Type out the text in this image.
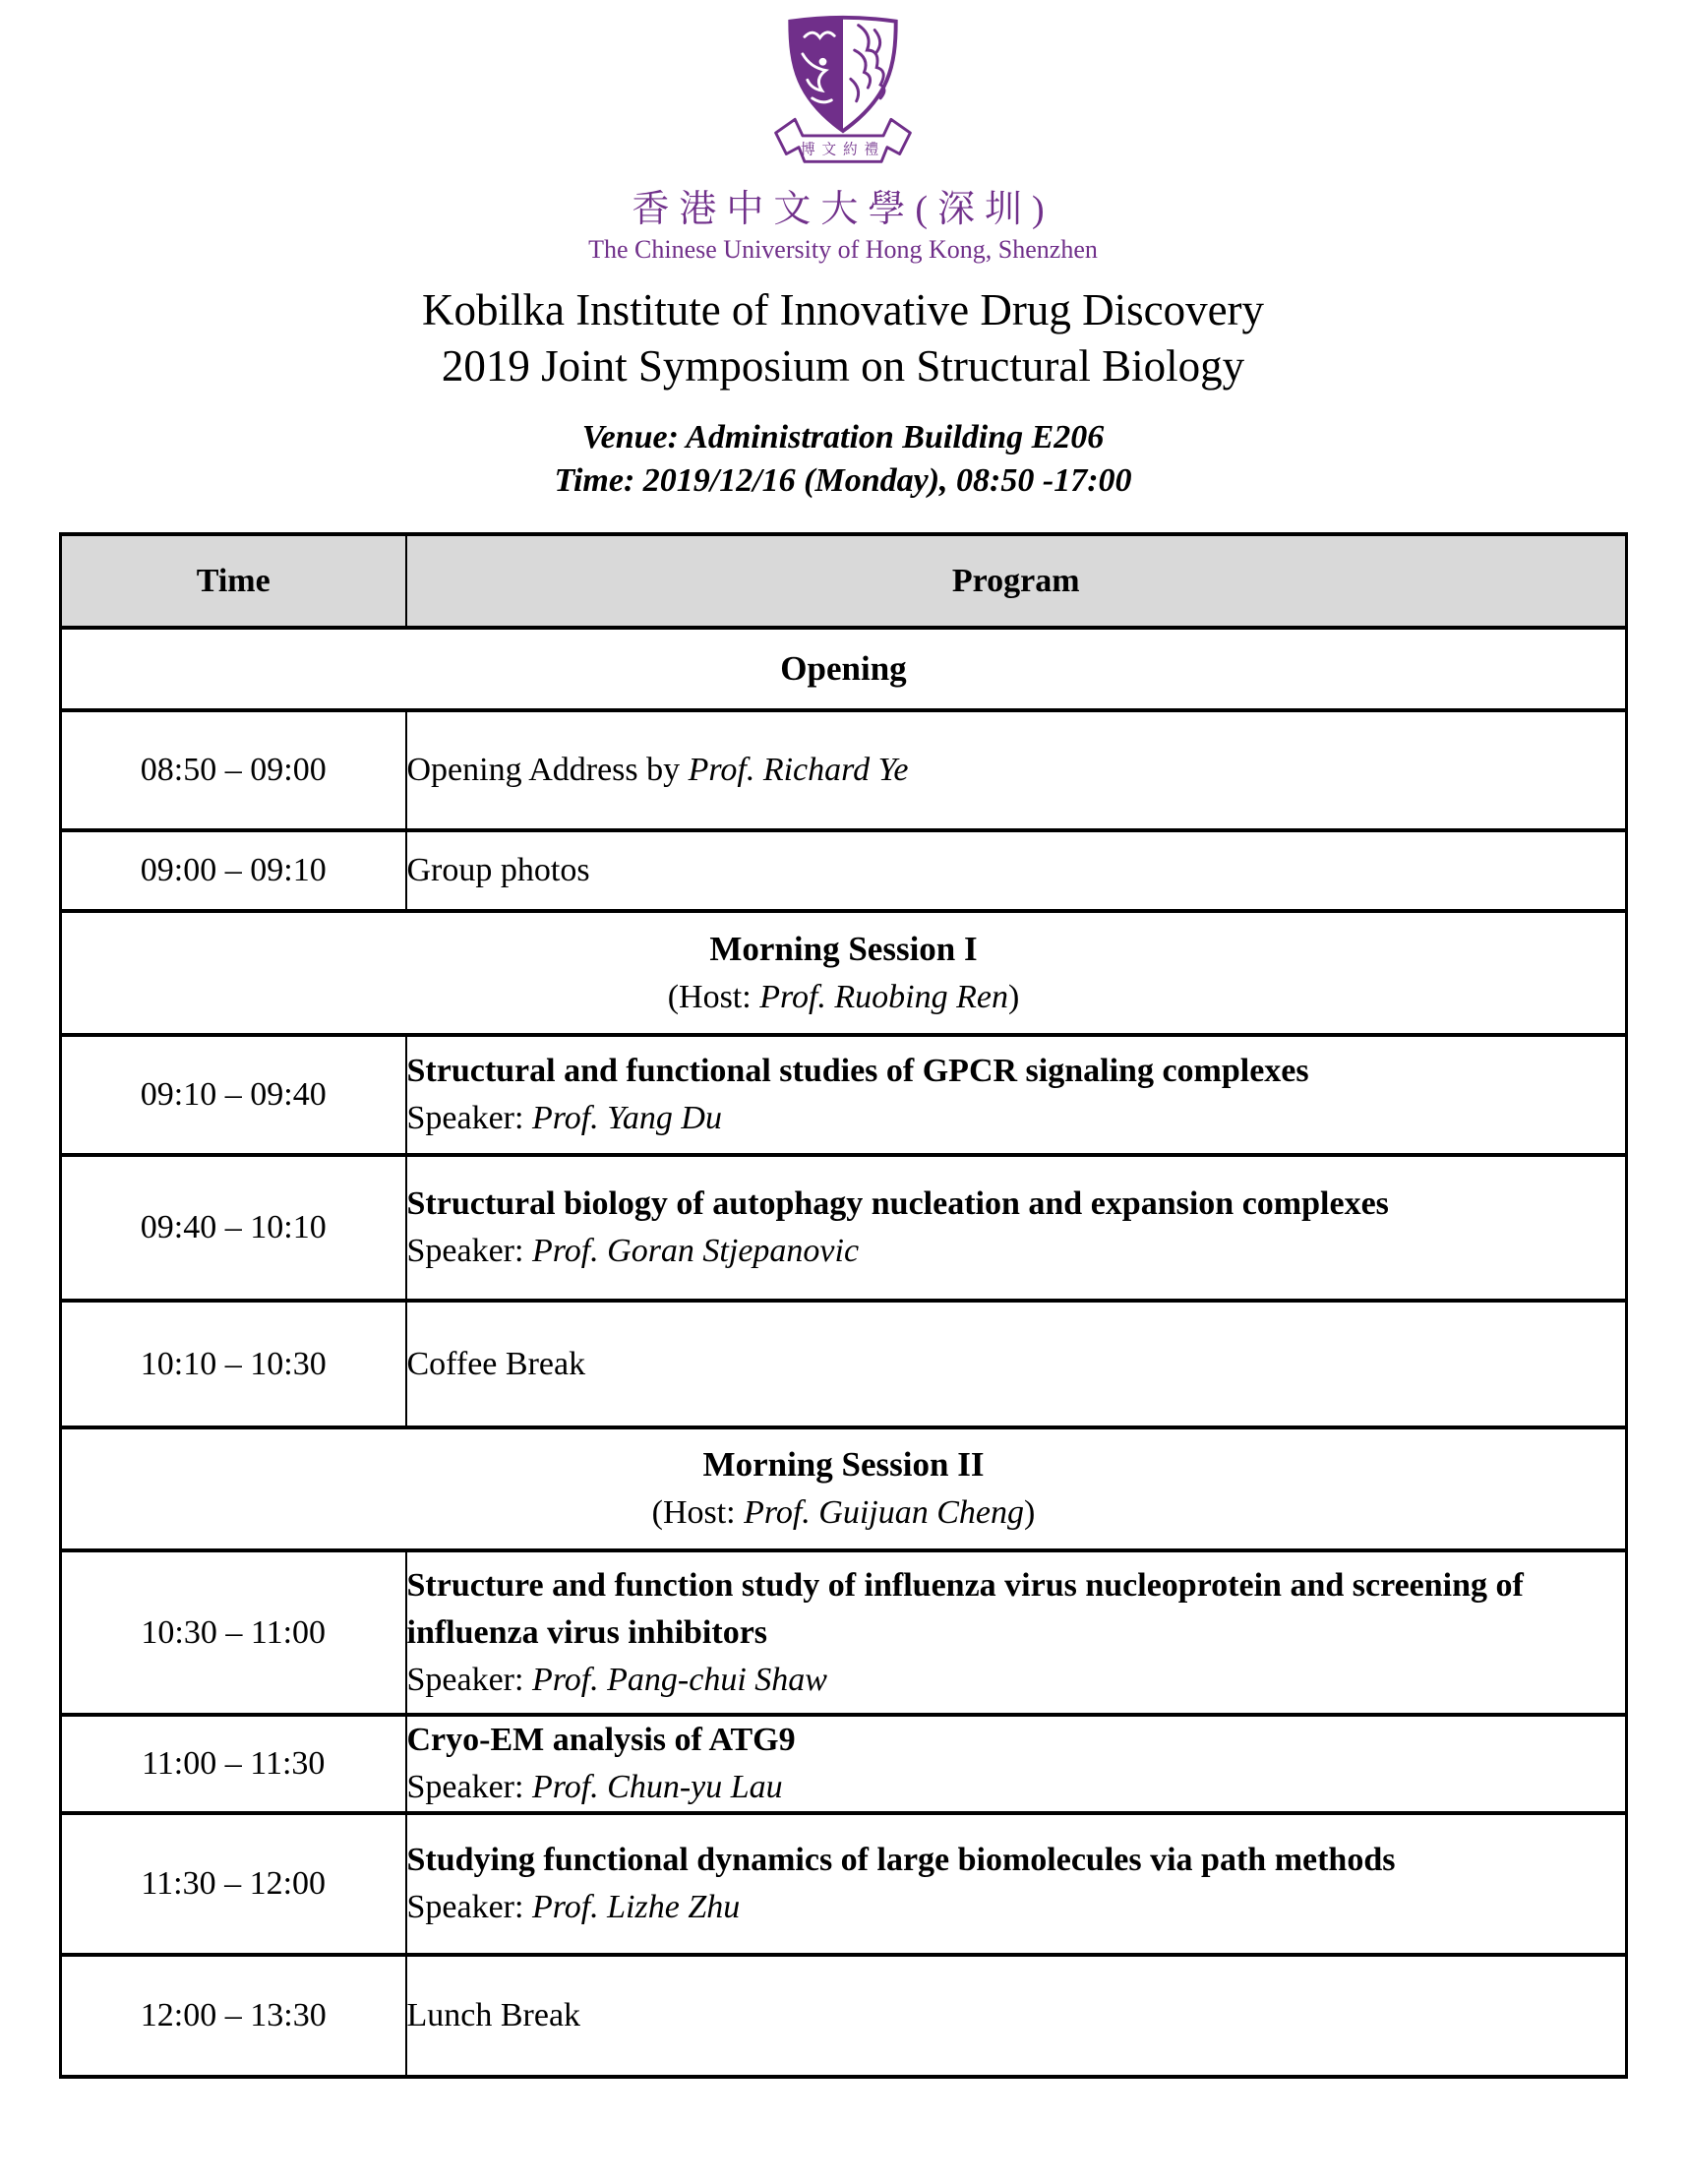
博文約禮
香港中文大學(深圳)
The Chinese University of Hong Kong, Shenzhen
Kobilka Institute of Innovative Drug Discovery
2019 Joint Symposium on Structural Biology
Venue: Administration Building E206
Time: 2019/12/16 (Monday), 08:50 -17:00
Time	Program
Opening	
08:50 – 09:00	Opening Address by Prof. Richard Ye
09:00 – 09:10	Group photos
Morning Session I
(Host: Prof. Ruobing Ren)	
09:10 – 09:40	Structural and functional studies of GPCR signaling complexes
Speaker: Prof. Yang Du

09:40 – 10:10	Structural biology of autophagy nucleation and expansion complexes
Speaker: Prof. Goran Stjepanovic

10:10 – 10:30	Coffee Break
Morning Session II
(Host: Prof. Guijuan Cheng)	
10:30 – 11:00	Structure and function study of influenza virus nucleoprotein and screening of influenza virus inhibitors
Speaker: Prof. Pang-chui Shaw

11:00 – 11:30	Cryo-EM analysis of ATG9
Speaker: Prof. Chun-yu Lau

11:30 – 12:00	Studying functional dynamics of large biomolecules via path methods
Speaker: Prof. Lizhe Zhu

12:00 – 13:30	Lunch Break
